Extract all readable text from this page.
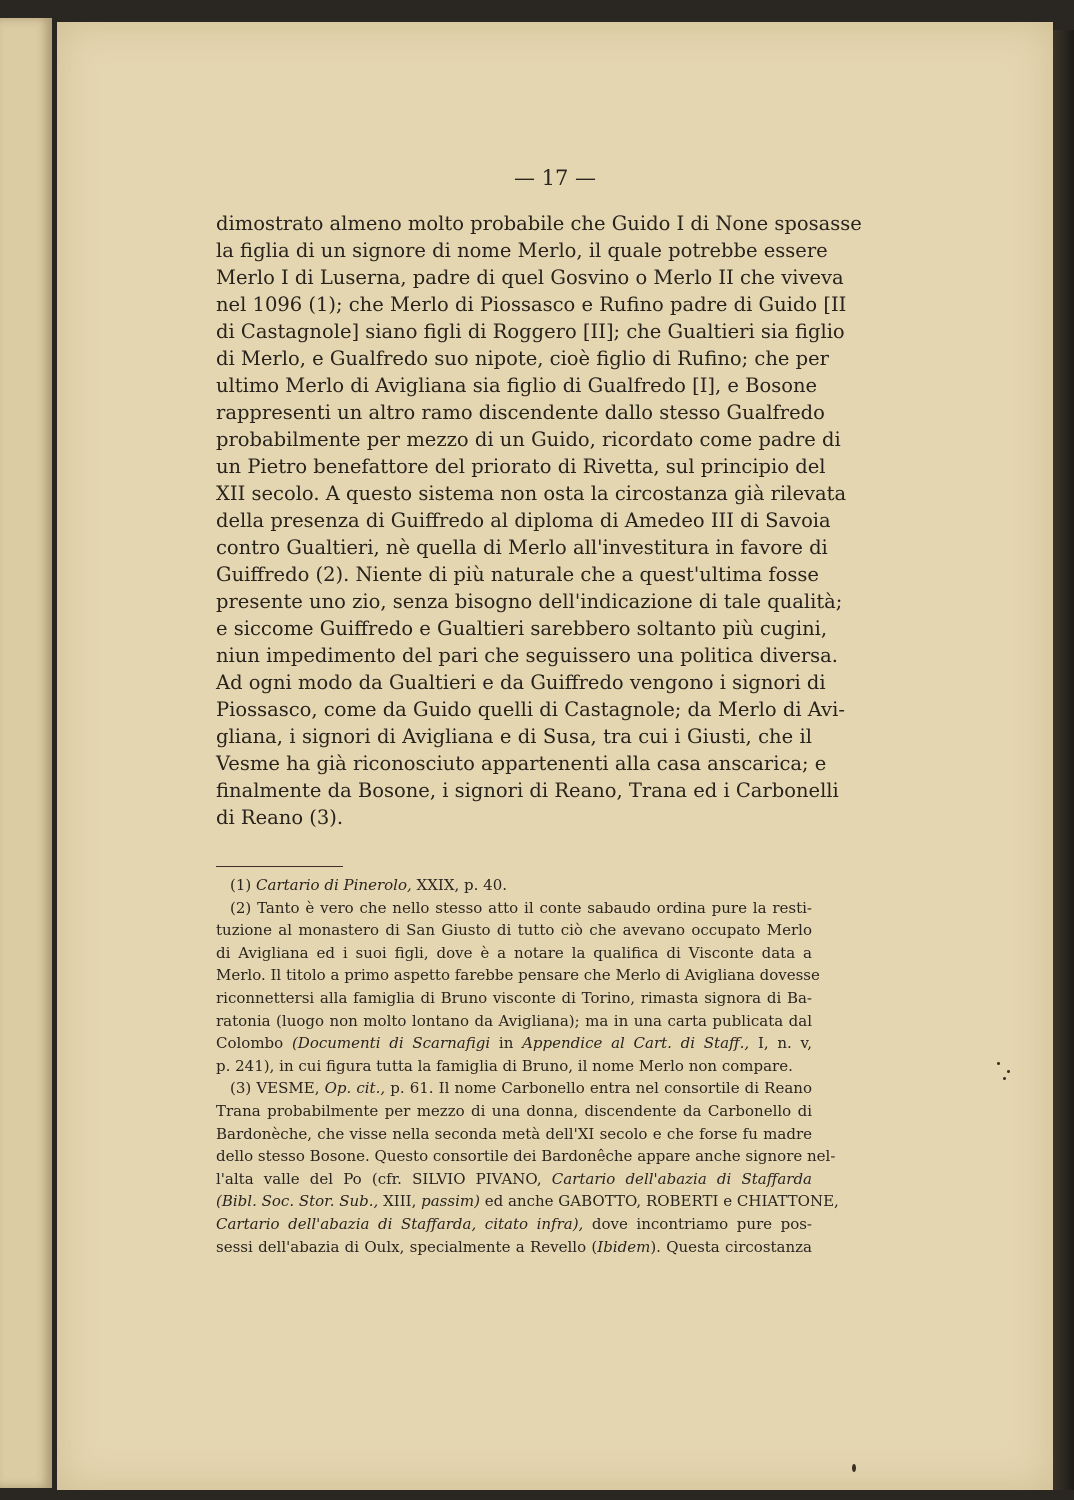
— 17 —

dimostrato almeno molto probabile che Guido I di None sposasse
la figlia di un signore di nome Merlo, il quale potrebbe essere
Merlo I di Luserna, padre di quel Gosvino o Merlo II che viveva
nel 1096 (1); che Merlo di Piossasco e Rufino padre di Guido [II
di Castagnole] siano figli di Roggero [II]; che Gualtieri sia figlio
di Merlo, e Gualfredo suo nipote, cioè figlio di Rufino; che per
ultimo Merlo di Avigliana sia figlio di Gualfredo [I], e Bosone
rappresenti un altro ramo discendente dallo stesso Gualfredo
probabilmente per mezzo di un Guido, ricordato come padre di
un Pietro benefattore del priorato di Rivetta, sul principio del
XII secolo. A questo sistema non osta la circostanza già rilevata
della presenza di Guiffredo al diploma di Amedeo III di Savoia
contro Gualtieri, nè quella di Merlo all'investitura in favore di
Guiffredo (2). Niente di più naturale che a quest'ultima fosse
presente uno zio, senza bisogno dell'indicazione di tale qualità;
e siccome Guiffredo e Gualtieri sarebbero soltanto più cugini,
niun impedimento del pari che seguissero una politica diversa.
Ad ogni modo da Gualtieri e da Guiffredo vengono i signori di
Piossasco, come da Guido quelli di Castagnole; da Merlo di Avi-
gliana, i signori di Avigliana e di Susa, tra cui i Giusti, che il
Vesme ha già riconosciuto appartenenti alla casa anscarica; e
finalmente da Bosone, i signori di Reano, Trana ed i Carbonelli
di Reano (3).
(1) Cartario di Pinerolo, XXIX, p. 40.
(2) Tanto è vero che nello stesso atto il conte sabaudo ordina pure la resti-
tuzione al monastero di San Giusto di tutto ciò che avevano occupato Merlo
di Avigliana ed i suoi figli, dove è a notare la qualifica di Visconte data a
Merlo. Il titolo a primo aspetto farebbe pensare che Merlo di Avigliana dovesse
riconnettersi alla famiglia di Bruno visconte di Torino, rimasta signora di Ba-
ratonia (luogo non molto lontano da Avigliana); ma in una carta publicata dal
Colombo (Documenti di Scarnafigi in Appendice al Cart. di Staff., I, n. v,
p. 241), in cui figura tutta la famiglia di Bruno, il nome Merlo non compare.
(3) VESME, Op. cit., p. 61. Il nome Carbonello entra nel consortile di Reano
Trana probabilmente per mezzo di una donna, discendente da Carbonello di
Bardonèche, che visse nella seconda metà dell'XI secolo e che forse fu madre
dello stesso Bosone. Questo consortile dei Bardonêche appare anche signore nel-
l'alta valle del Po (cfr. SILVIO PIVANO, Cartario dell'abazia di Staffarda
(Bibl. Soc. Stor. Sub., XIII, passim) ed anche GABOTTO, ROBERTI e CHIATTONE,
Cartario dell'abazia di Staffarda, citato infra), dove incontriamo pure pos-
sessi dell'abazia di Oulx, specialmente a Revello (Ibidem). Questa circostanza
